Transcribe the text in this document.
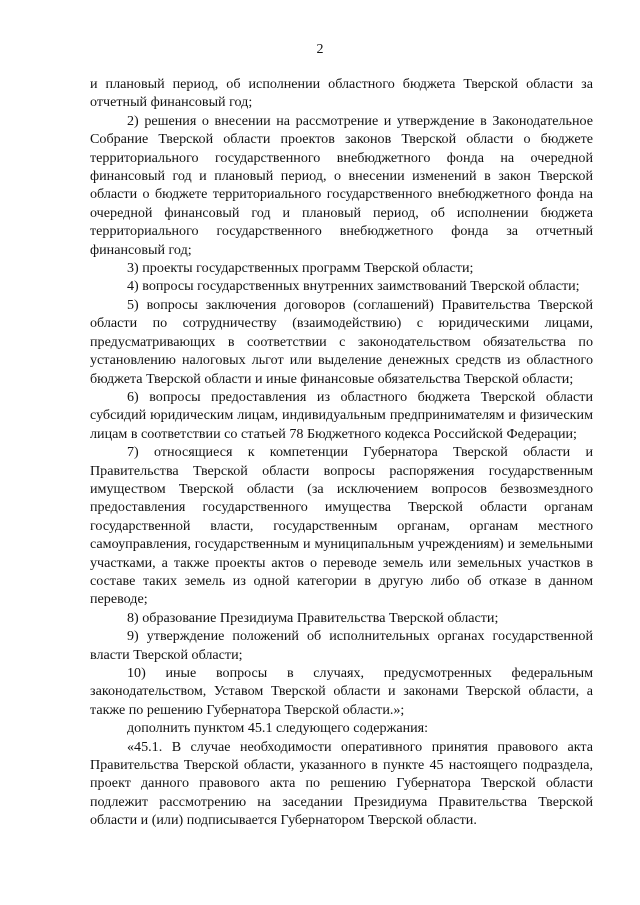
2

и плановый период, об исполнении областного бюджета Тверской области за отчетный финансовый год;

2) решения о внесении на рассмотрение и утверждение в Законодательное Собрание Тверской области проектов законов Тверской области о бюджете территориального государственного внебюджетного фонда на очередной финансовый год и плановый период, о внесении изменений в закон Тверской области о бюджете территориального государственного внебюджетного фонда на очередной финансовый год и плановый период, об исполнении бюджета территориального государственного внебюджетного фонда за отчетный финансовый год;

3) проекты государственных программ Тверской области;

4) вопросы государственных внутренних заимствований Тверской области;

5) вопросы заключения договоров (соглашений) Правительства Тверской области по сотрудничеству (взаимодействию) с юридическими лицами, предусматривающих в соответствии с законодательством обязательства по установлению налоговых льгот или выделение денежных средств из областного бюджета Тверской области и иные финансовые обязательства Тверской области;

6) вопросы предоставления из областного бюджета Тверской области субсидий юридическим лицам, индивидуальным предпринимателям и физическим лицам в соответствии со статьей 78 Бюджетного кодекса Российской Федерации;

7) относящиеся к компетенции Губернатора Тверской области и Правительства Тверской области вопросы распоряжения государственным имуществом Тверской области (за исключением вопросов безвозмездного предоставления государственного имущества Тверской области органам государственной власти, государственным органам, органам местного самоуправления, государственным и муниципальным учреждениям) и земельными участками, а также проекты актов о переводе земель или земельных участков в составе таких земель из одной категории в другую либо об отказе в данном переводе;

8) образование Президиума Правительства Тверской области;

9) утверждение положений об исполнительных органах государственной власти Тверской области;

10) иные вопросы в случаях, предусмотренных федеральным законодательством, Уставом Тверской области и законами Тверской области, а также по решению Губернатора Тверской области.»;

дополнить пунктом 45.1 следующего содержания:

«45.1. В случае необходимости оперативного принятия правового акта Правительства Тверской области, указанного в пункте 45 настоящего подраздела, проект данного правового акта по решению Губернатора Тверской области подлежит рассмотрению на заседании Президиума Правительства Тверской области и (или) подписывается Губернатором Тверской области.
